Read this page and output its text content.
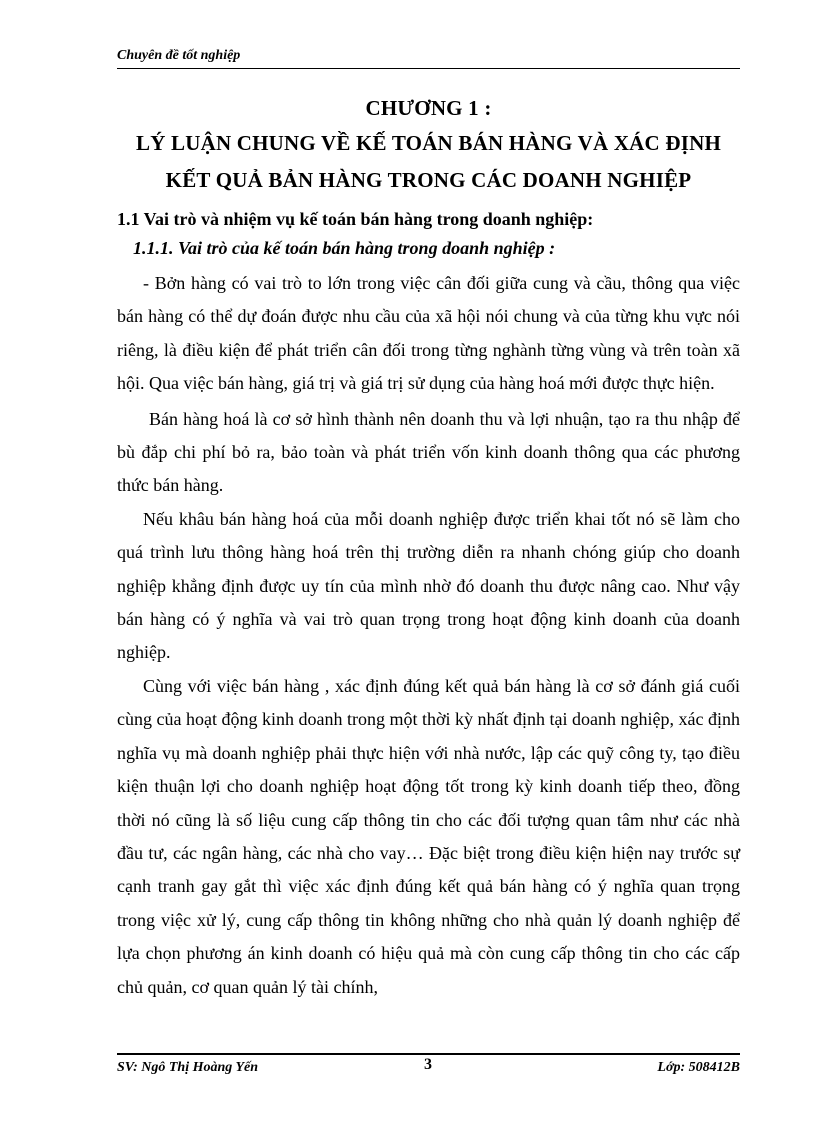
Chuyên đề tốt nghiệp
CHƯƠNG 1 :
LÝ LUẬN CHUNG VỀ KẾ TOÁN BÁN HÀNG VÀ XÁC ĐỊNH
KẾT QUẢ BẢN HÀNG TRONG CÁC DOANH NGHIỆP
1.1 Vai trò và nhiệm vụ kế toán bán hàng trong doanh nghiệp:
1.1.1. Vai trò của kế toán bán hàng trong doanh nghiệp :

- Bởn hàng có vai trò to lớn trong việc cân đối giữa cung và cầu, thông qua việc bán hàng có thể dự đoán được nhu cầu của xã hội nói chung và của từng khu vực nói riêng, là điều kiện để phát triển cân đối trong từng nghành từng vùng và trên toàn xã hội. Qua việc bán hàng, giá trị và giá trị sử dụng của hàng hoá mới được thực hiện.

Bán hàng hoá là cơ sở hình thành nên doanh thu và lợi nhuận, tạo ra thu nhập để bù đắp chi phí bỏ ra, bảo toàn và phát triển vốn kinh doanh thông qua các phương thức bán hàng.

Nếu khâu bán hàng hoá của mỗi doanh nghiệp được triển khai tốt nó sẽ làm cho quá trình lưu thông hàng hoá trên thị trường diễn ra nhanh chóng giúp cho doanh nghiệp khẳng định được uy tín của mình nhờ đó doanh thu được nâng cao. Như vậy bán hàng có ý nghĩa và vai trò quan trọng trong hoạt động kinh doanh của doanh nghiệp.

Cùng với việc bán hàng , xác định đúng kết quả bán hàng là cơ sở đánh giá cuối cùng của hoạt động kinh doanh trong một thời kỳ nhất định tại doanh nghiệp, xác định nghĩa vụ mà doanh nghiệp phải thực hiện với nhà nước, lập các quỹ công ty, tạo điều kiện thuận lợi cho doanh nghiệp hoạt động tốt trong kỳ kinh doanh tiếp theo, đồng thời nó cũng là số liệu cung cấp thông tin cho các đối tượng quan tâm như các nhà đầu tư, các ngân hàng, các nhà cho vay… Đặc biệt trong điều kiện hiện nay trước sự cạnh tranh gay gắt thì việc xác định đúng kết quả bán hàng có ý nghĩa quan trọng trong việc xử lý, cung cấp thông tin không những cho nhà quản lý doanh nghiệp để lựa chọn phương án kinh doanh có hiệu quả mà còn cung cấp thông tin cho các cấp chủ quản, cơ quan quản lý tài chính,

SV: Ngô Thị Hoàng Yến	3	Lớp: 508412B
